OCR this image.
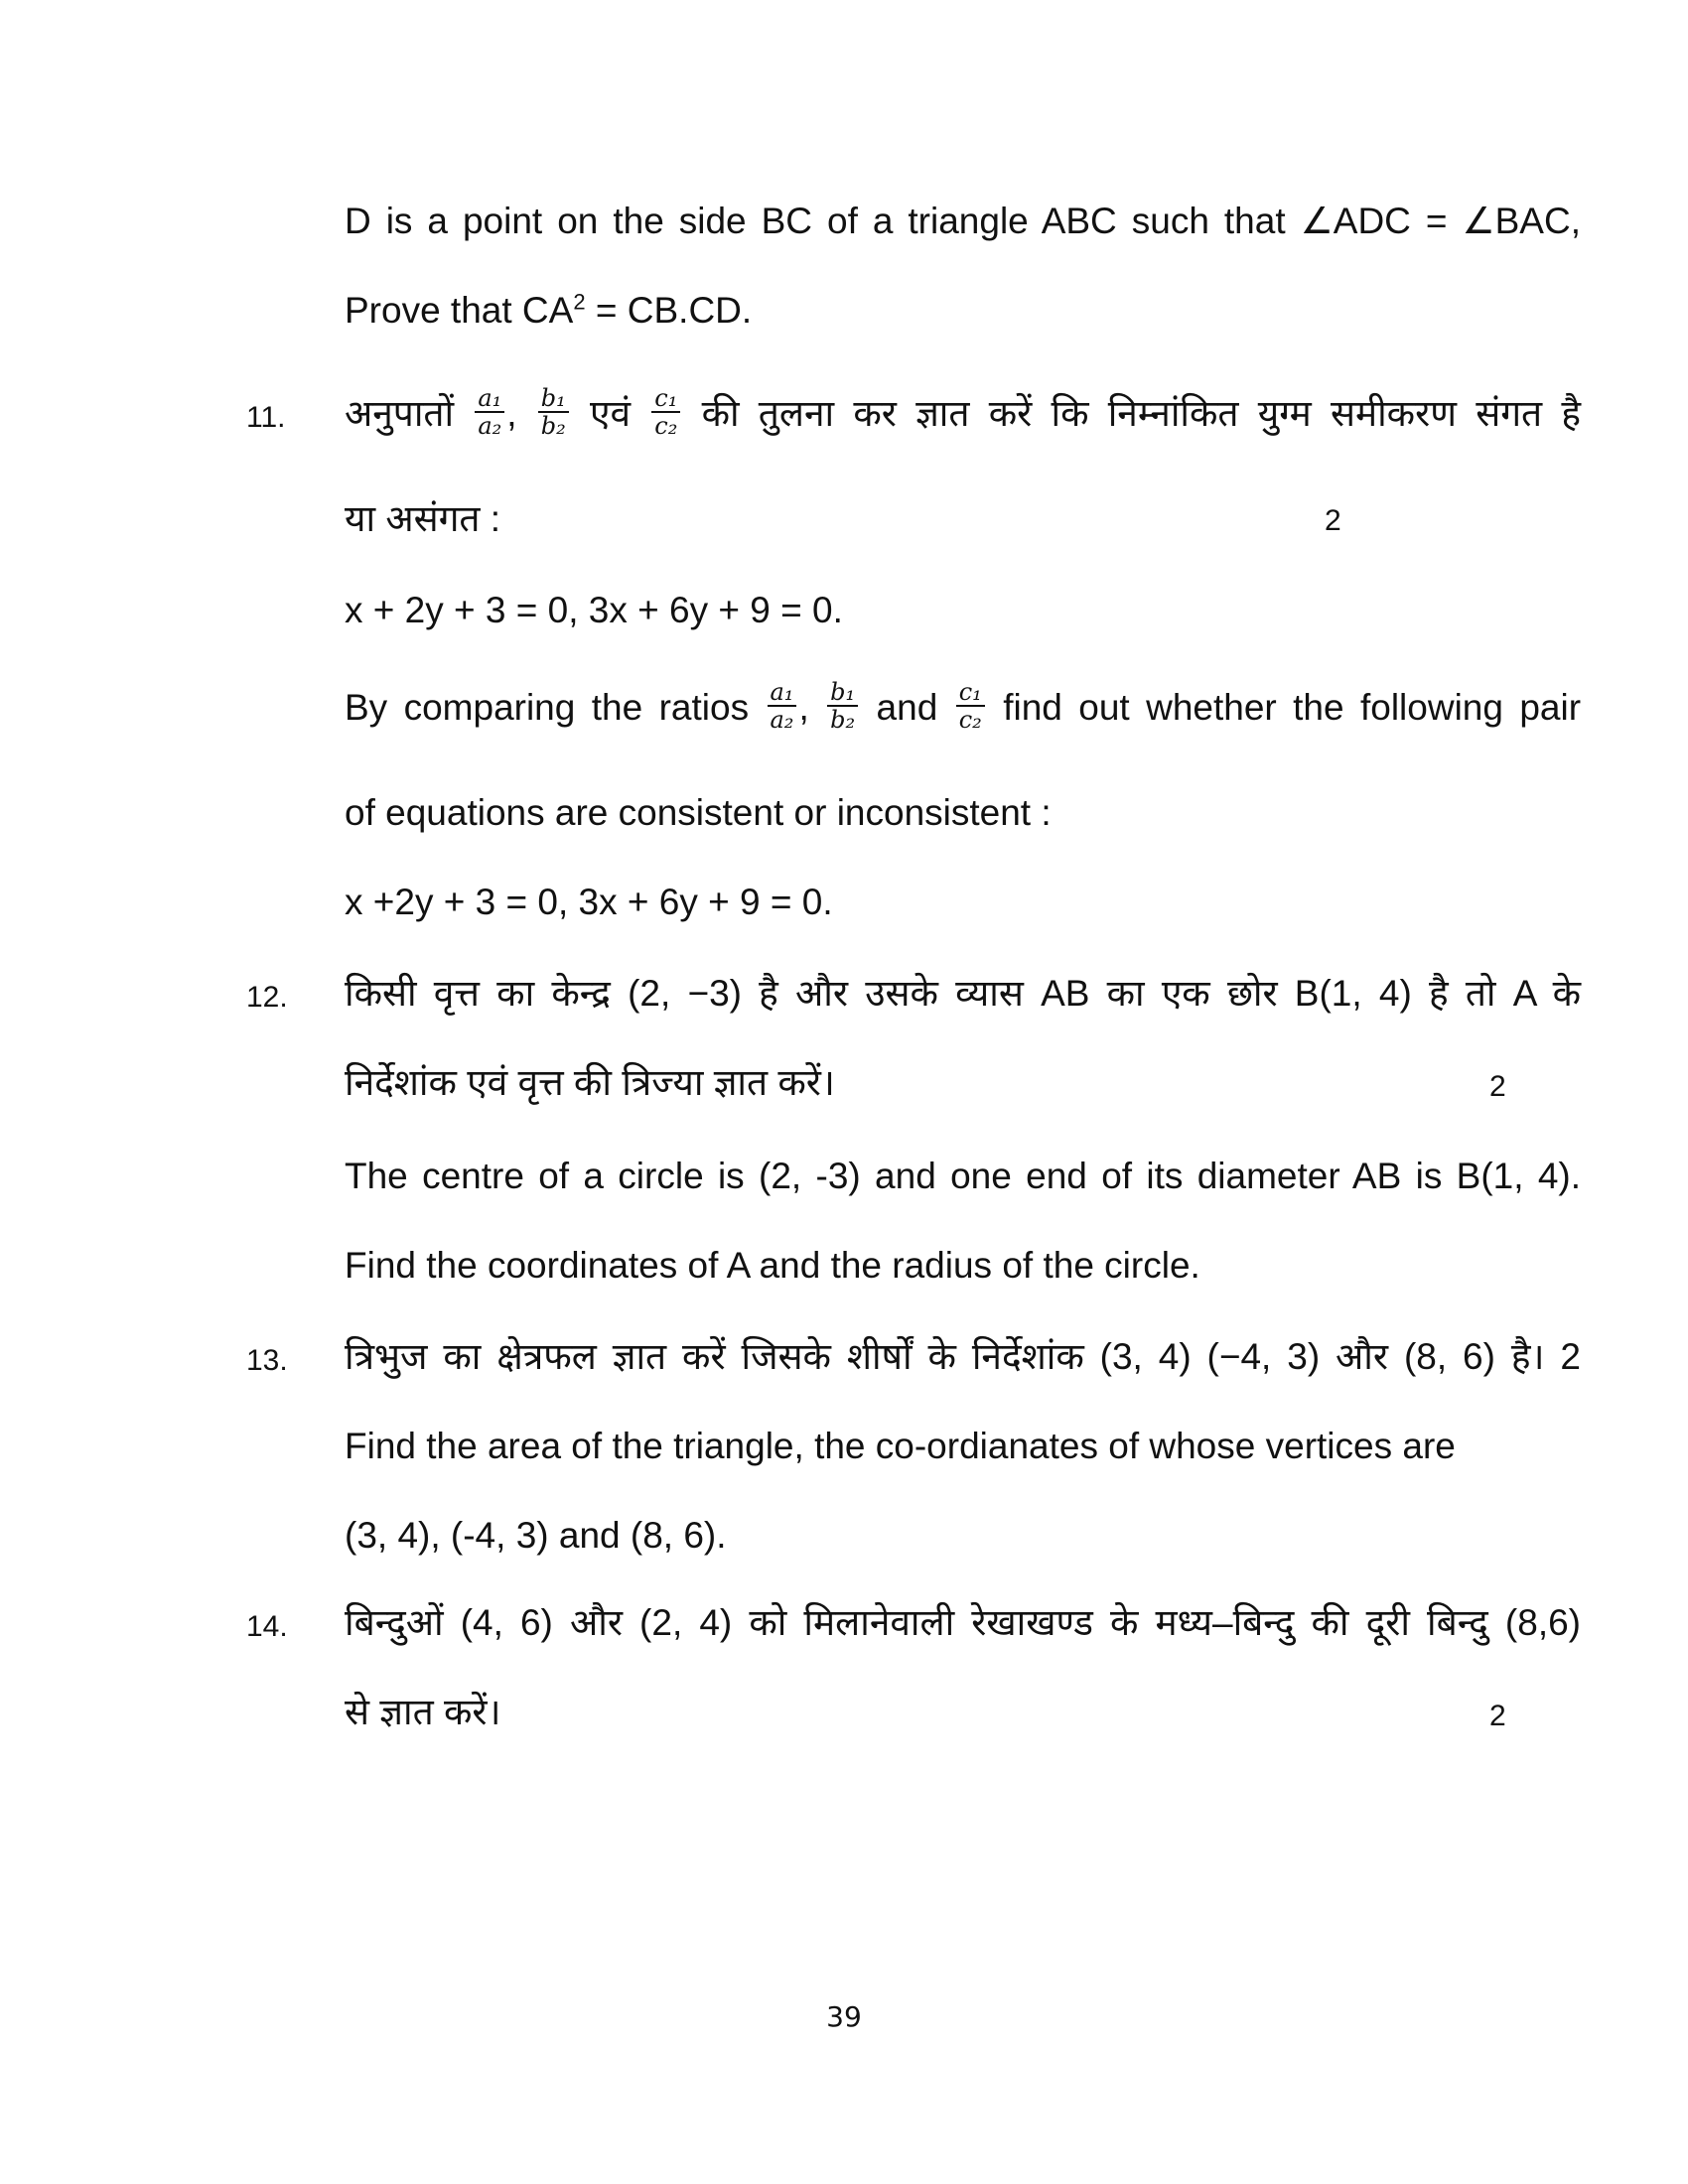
D is a point on the side BC of a triangle ABC such that ∠ADC = ∠BAC,
Prove that $CA^2 = CB.CD$.
11. अनुपातों $\frac{\text{a₁}}{\text{a₂}}$ , $\frac{\text{b₁}}{\text{b₂}}$ एवं $\frac{\text{c₁}}{\text{c₂}}$ की तुलना कर ज्ञात करें कि निम्नांकित युग्म समीकरण संगत है
या असंगत :	2
x + 2y + 3 = 0, 3x + 6y + 9 = 0.
By comparing the ratios $\frac{\text{a₁}}{\text{a₂}}$ , $\frac{\text{b₁}}{\text{b₂}}$ and $\frac{\text{c₁}}{\text{c₂}}$ find out whether the following pair
of equations are consistent or inconsistent :
x +2y + 3 = 0, 3x + 6y + 9 = 0.
12. किसी वृत्त का केन्द्र (2, −3) है और उसके व्यास AB का एक छोर B(1, 4) है तो A के
निर्देशांक एवं वृत्त की त्रिज्या ज्ञात करें।	2
The centre of a circle is (2, -3) and one end of its diameter AB is B(1, 4).
Find the coordinates of A and the radius of the circle.
13. त्रिभुज का क्षेत्रफल ज्ञात करें जिसके शीर्षों के निर्देशांक (3, 4) (−4, 3) और (8, 6) है। 2
Find the area of the triangle, the co-ordianates of whose vertices are
(3, 4), (-4, 3) and (8, 6).
14. बिन्दुओं (4, 6) और (2, 4) को मिलानेवाली रेखाखण्ड के मध्य–बिन्दु की दूरी बिन्दु (8,6)
से ज्ञात करें।	2
39
